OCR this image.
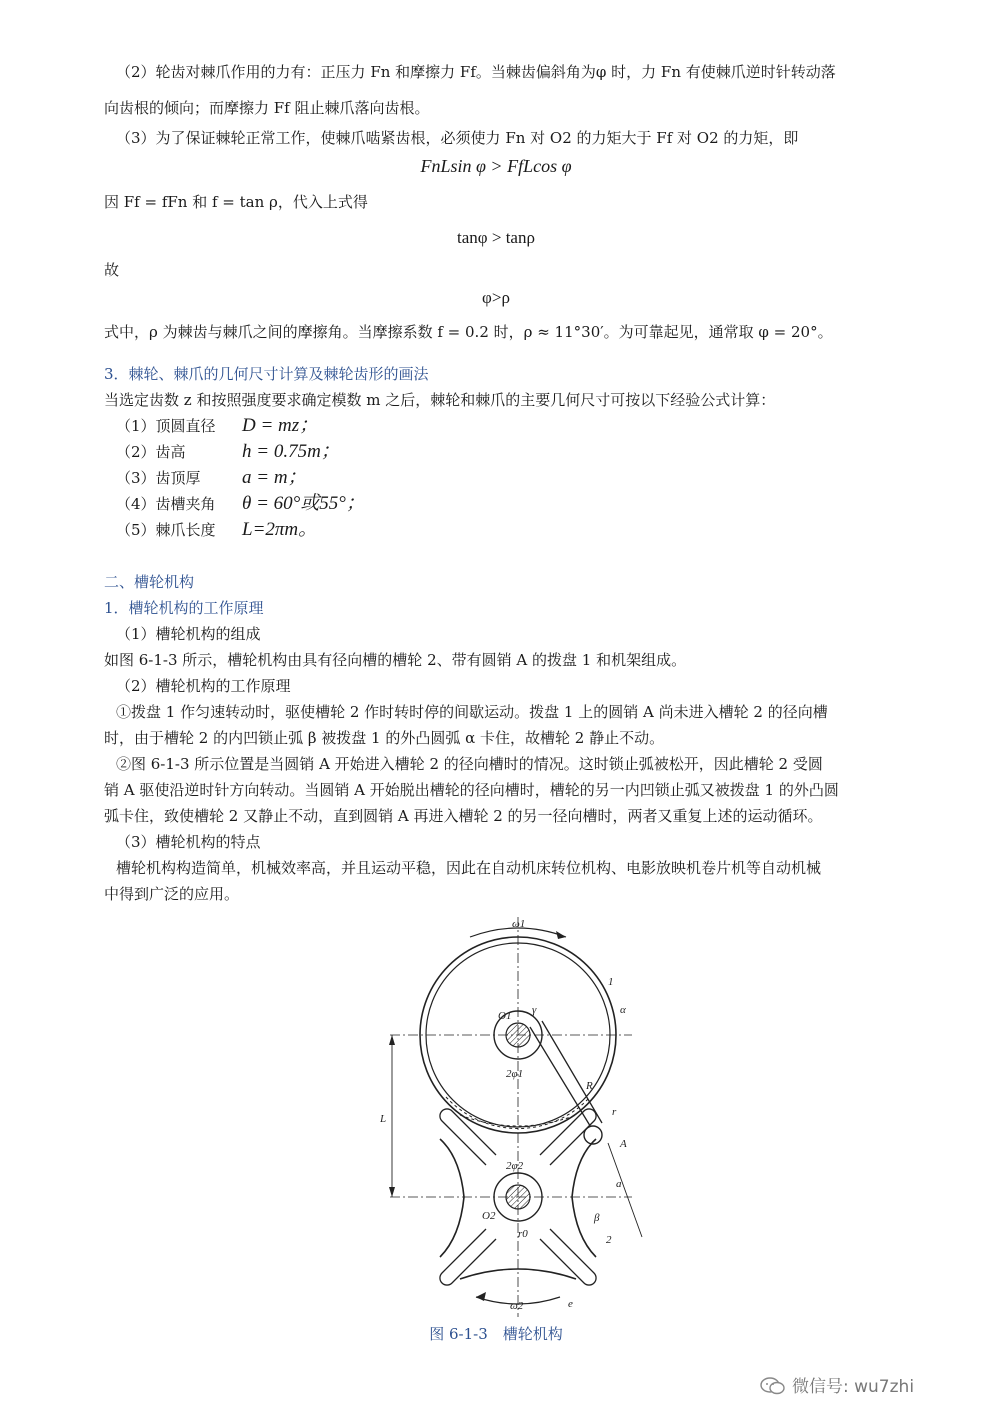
（2）轮齿对棘爪作用的力有：正压力 Fn 和摩擦力 Ff。当棘齿偏斜角为φ 时，力 Fn 有使棘爪逆时针转动落
向齿根的倾向；而摩擦力 Ff 阻止棘爪落向齿根。
（3）为了保证棘轮正常工作，使棘爪啮紧齿根，必须使力 Fn 对 O2 的力矩大于 Ff 对 O2 的力矩，即
FnLsin φ > FfLcos φ
因 Ff = fFn 和 f = tan ρ，代入上式得
tanφ > tanρ
故
φ>ρ
式中，ρ 为棘齿与棘爪之间的摩擦角。当摩擦系数 f = 0.2 时，ρ ≈ 11°30′。为可靠起见，通常取 φ = 20°。
3．棘轮、棘爪的几何尺寸计算及棘轮齿形的画法
当选定齿数 z 和按照强度要求确定模数 m 之后，棘轮和棘爪的主要几何尺寸可按以下经验公式计算：
（1）顶圆直径 D = mz；
（2）齿高	h = 0.75m；
（3）齿顶厚 a = m；
（4）齿槽夹角 θ = 60°或55°；
（5）棘爪长度 L=2πm。
二、槽轮机构
1．槽轮机构的工作原理
（1）槽轮机构的组成
如图 6-1-3 所示，槽轮机构由具有径向槽的槽轮 2、带有圆销 A 的拨盘 1 和机架组成。
（2）槽轮机构的工作原理
①拨盘 1 作匀速转动时，驱使槽轮 2 作时转时停的间歇运动。拨盘 1 上的圆销 A 尚未进入槽轮 2 的径向槽
时，由于槽轮 2 的内凹锁止弧 β 被拨盘 1 的外凸圆弧 α 卡住，故槽轮 2 静止不动。
②图 6-1-3 所示位置是当圆销 A 开始进入槽轮 2 的径向槽时的情况。这时锁止弧被松开，因此槽轮 2 受圆
销 A 驱使沿逆时针方向转动。当圆销 A 开始脱出槽轮的径向槽时，槽轮的另一内凹锁止弧又被拨盘 1 的外凸圆
弧卡住，致使槽轮 2 又静止不动，直到圆销 A 再进入槽轮 2 的另一径向槽时，两者又重复上述的运动循环。
（3）槽轮机构的特点
槽轮机构构造简单，机械效率高，并且运动平稳，因此在自动机床转位机构、电影放映机卷片机等自动机械
中得到广泛的应用。
ω1
1
α
γ
O1
2φ1
R
r
A
L
2φ2
a
O2
r0
β
2
ω2	e
图 6-1-3　槽轮机构
微信号: wu7zhi
